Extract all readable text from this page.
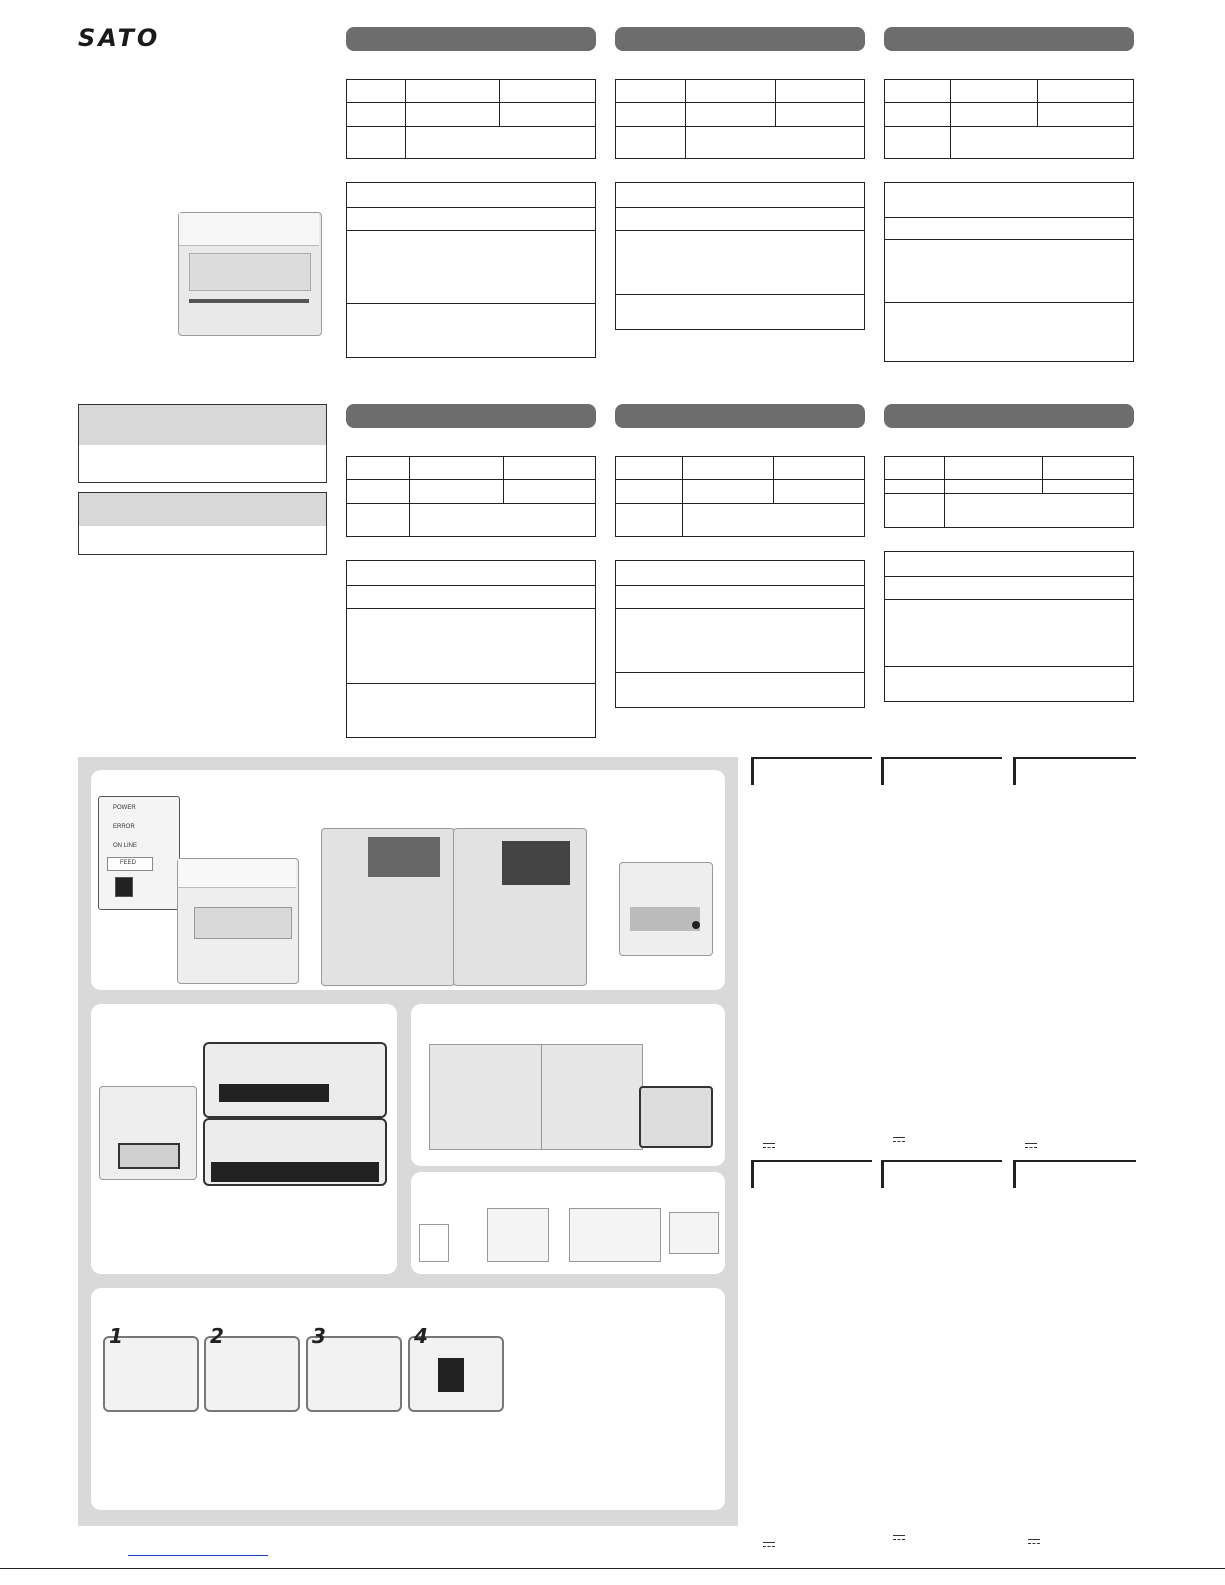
SATO
POWER
ERROR
ON LINE
FEED
1	2	3	4
